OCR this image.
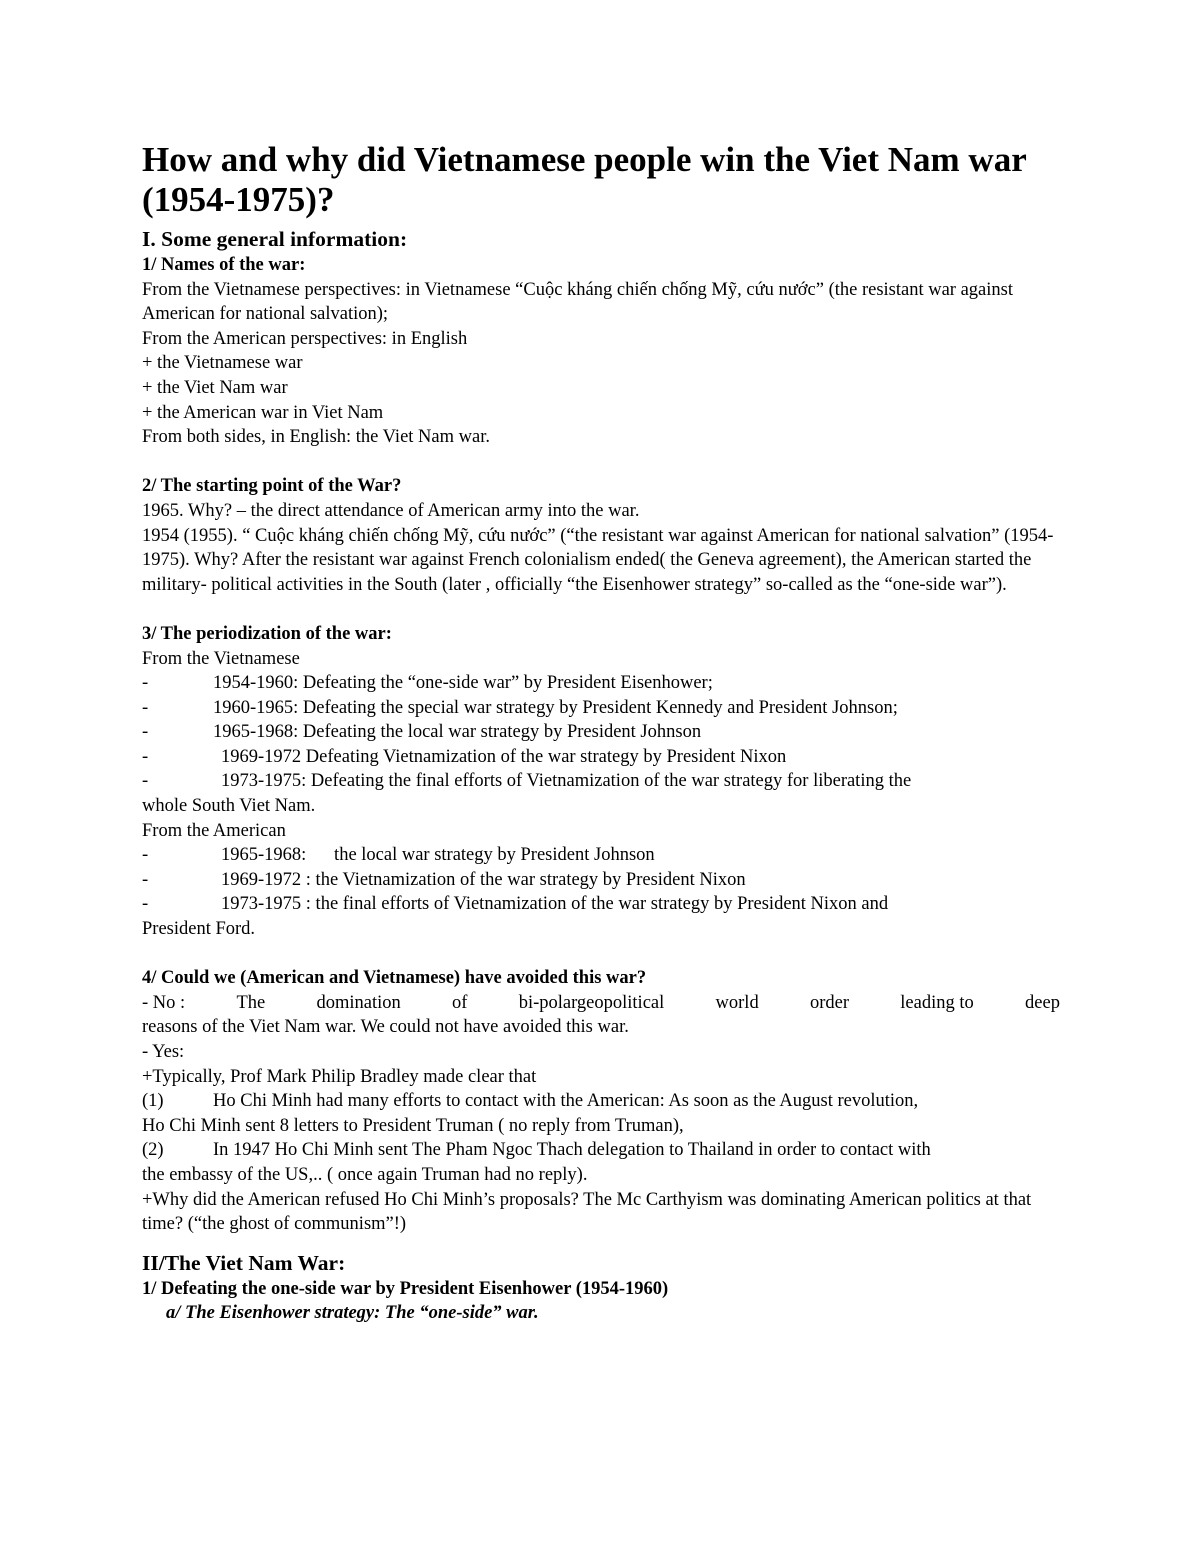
How and why did Vietnamese people win the Viet Nam war (1954-1975)?
I. Some general information:
1/ Names of the war:
From the Vietnamese perspectives: in Vietnamese “Cuộc kháng chiến chống Mỹ, cứu nước” (the resistant war against American for national salvation);
From the American perspectives: in English
+ the Vietnamese war
+ the Viet Nam war
+ the American war in Viet Nam
From both sides, in English: the Viet Nam war.
2/ The starting point of the War?
1965. Why? – the direct attendance of American army into the war.
1954 (1955). “ Cuộc kháng chiến chống Mỹ, cứu nước” (“the resistant war against American for national salvation” (1954-1975). Why? After the resistant war against French colonialism ended( the Geneva agreement), the American started the military- political activities in the South (later , officially “the Eisenhower strategy” so-called as the “one-side war”).
3/ The periodization of the war:
From the Vietnamese
-	1954-1960: Defeating the “one-side war” by President Eisenhower;
-	1960-1965: Defeating the special war strategy by President Kennedy and President Johnson;
-	1965-1968: Defeating the local war strategy by President Johnson
-	1969-1972 Defeating Vietnamization of the war strategy by President Nixon
-	1973-1975: Defeating the final efforts of Vietnamization of the war strategy for liberating the
whole South Viet Nam.
From the American
-	1965-1968:      the local war strategy by President Johnson
-	1969-1972 : the Vietnamization of the war strategy by President Nixon
-	1973-1975 : the final efforts of Vietnamization of the war strategy by President Nixon and
President Ford.
4/ Could we (American and Vietnamese) have avoided this war?
- No :	The	domination	of	bi-polargeopolitical	world	order	leading to	deep
reasons of the Viet Nam war. We could not have avoided this war.
- Yes:
+Typically, Prof Mark Philip Bradley made clear that
(1)	Ho Chi Minh had many efforts to contact with the American: As soon as the August revolution,
Ho Chi Minh sent 8 letters to President Truman ( no reply from Truman),
(2)	In 1947 Ho Chi Minh sent The Pham Ngoc Thach delegation to Thailand in order to contact with
the embassy of the US,.. ( once again Truman had no reply).
+Why did the American refused Ho Chi Minh’s proposals? The Mc Carthyism was dominating American politics at that time? (“the ghost of communism”!)
II/The Viet Nam War:
1/ Defeating the one-side war by President Eisenhower (1954-1960)
a/ The Eisenhower strategy: The “one-side” war.
